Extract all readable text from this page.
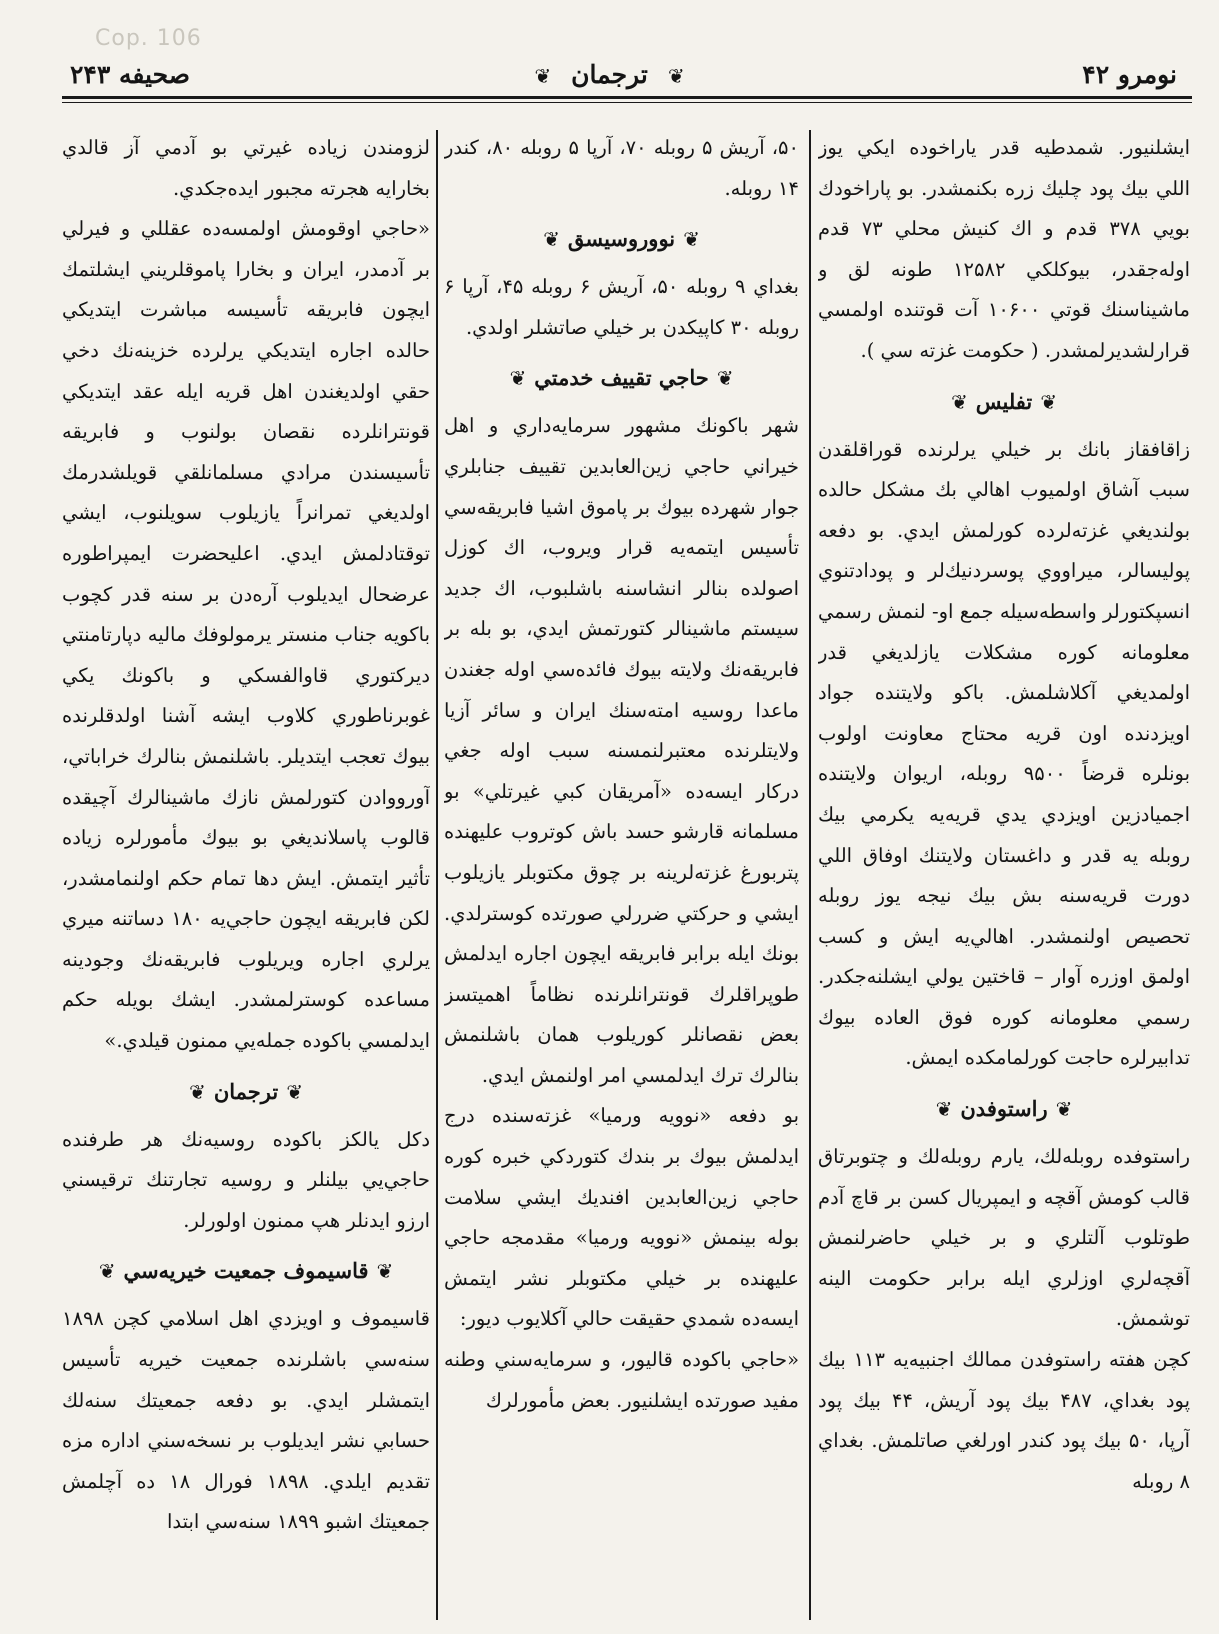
Cop. 106
صحيفه ۲۴۳	❦ترجمان❦	نومرو ۴۲

ايشلنيور. شمدطيه قدر ياراخوده ايكي يوز اللي بيك پود چليك زره بكنمشدر. بو پاراخودك بويي ۳۷۸ قدم و اك كنيش محلي ۷۳ قدم اوله‌جقدر، بيوكلكي ۱۲۵۸۲ طونه لق و ماشيناسنك قوتي ۱۰۶۰۰ آت قوتنده اولمسي قرارلشديرلمشدر. ( حكومت غزته سي ).

❦تفليس❦

زاقافقاز بانك بر خيلي يرلرنده قوراقلقدن سبب آشاق اولميوب اهالي بك مشكل حالده بولنديغي غزته‌لرده كورلمش ايدي. بو دفعه پوليسالر، ميراووي پوسردنيك‌لر و پودادتنوي انسپكتورلر واسطه‌سيله جمع او- لنمش رسمي معلومانه كوره مشكلات يازلديغي قدر اولمديغي آكلاشلمش. باكو ولايتنده جواد اويزدنده اون قريه محتاج معاونت اولوب بونلره قرضاً ۹۵۰۰ روبله، اريوان ولايتنده اجميادزين اويزدي يدي قريه‌يه يكرمي بيك روبله يه قدر و داغستان ولايتنك اوفاق اللي دورت قريه‌سنه بش بيك نيجه يوز روبله تحصيص اولنمشدر. اهالي‌يه ايش و كسب اولمق اوزره آوار – قاختين يولي ايشلنه‌جكدر. رسمي معلومانه كوره فوق العاده بيوك تدابيرلره حاجت كورلمامكده ايمش.

❦راستوفدن❦

راستوفده روبله‌لك، يارم روبله‌لك و چتوبرتاق قالب كومش آقچه و ايمپريال كسن بر قاچ آدم طوتلوب آلتلري و بر خيلي حاضرلنمش آقچه‌لري اوزلري ايله برابر حكومت الينه توشمش.

كچن هفته راستوفدن ممالك اجنبيه‌يه ۱۱۳ بيك پود بغداي، ۴۸۷ بيك پود آريش، ۴۴ بيك پود آرپا، ۵۰ بيك پود كندر اورلغي صاتلمش. بغداي ۸ روبله

۵۰، آريش ۵ روبله ۷۰، آرپا ۵ روبله ۸۰، كندر ۱۴ روبله.

❦نووروسيسق❦

بغداي ۹ روبله ۵۰، آريش ۶ روبله ۴۵، آرپا ۶ روبله ۳۰ كاپيكدن بر خيلي صاتشلر اولدي.

❦حاجي تقييف خدمتي❦

شهر باكونك مشهور سرمايه‌داري و اهل خيراني حاجي زين‌العابدين تقييف جنابلري جوار شهرده بيوك بر پاموق اشيا فابريقه‌سي تأسيس ايتمه‌يه قرار ويروب، اك كوزل اصولده بنالر انشاسنه باشلبوب، اك جديد سيستم ماشينالر كتورتمش ايدي، بو بله بر فابريقه‌نك ولايته بيوك فائده‌سي اوله جغندن ماعدا روسيه امته‌سنك ايران و سائر آزيا ولايتلرنده معتبرلنمسنه سبب اوله جغي دركار ايسه‌ده «آمريقان كبي غيرتلي» بو مسلمانه قارشو حسد باش كوتروب عليهنده پتربورغ غزته‌لرينه بر چوق مكتوبلر يازيلوب ايشي و حركتي ضررلي صورتده كوسترلدي. بونك ايله برابر فابريقه ايچون اجاره ايدلمش طوپراقلرك قونترانلرنده نظاماً اهميتسز بعض نقصانلر كوريلوب همان باشلنمش بنالرك ترك ايدلمسي امر اولنمش ايدي.

بو دفعه «نوويه ورميا» غزته‌سنده درج ايدلمش بيوك بر بندك كتوردكي خبره كوره حاجي زين‌العابدين افنديك ايشي سلامت بوله بينمش «نوويه ورميا» مقدمجه حاجي عليهنده بر خيلي مكتوبلر نشر ايتمش ايسه‌ده شمدي حقيقت حالي آكلايوب ديور:

«حاجي باكوده قاليور، و سرمايه‌سني وطنه مفيد صورتده ايشلنيور. بعض مأمورلرك

لزومندن زياده غيرتي بو آدمي آز قالدي بخارايه هجرته مجبور ايده‌جكدي.

«حاجي اوقومش اولمسه‌ده عقللي و فيرلي بر آدمدر، ايران و بخارا پاموقلريني ايشلتمك ايچون فابريقه تأسيسه مباشرت ايتديكي حالده اجاره ايتديكي يرلرده خزينه‌نك دخي حقي اولديغندن اهل قريه ايله عقد ايتديكي قونترانلرده نقصان بولنوب و فابريقه تأسيسندن مرادي مسلمانلقي قويلشدرمك اولديغي تمرانراً يازيلوب سويلنوب، ايشي توقتادلمش ايدي. اعليحضرت ايمپراطوره عرضحال ايديلوب آره‌دن بر سنه قدر كچوب باكويه جناب منستر يرمولوفك ماليه دپارتامنتي ديركتوري قاوالفسكي و باكونك يكي غوبرناطوري كلاوب ايشه آشنا اولدقلرنده بيوك تعجب ايتديلر. باشلنمش بنالرك خراباتي، آورووادن كتورلمش نازك ماشينالرك آچيقده قالوب پاسلانديغي بو بيوك مأمورلره زياده تأثير ايتمش. ايش دها تمام حكم اولنمامشدر، لكن فابريقه ايچون حاجي‌يه ۱۸۰ دساتنه ميري يرلري اجاره ويريلوب فابريقه‌نك وجودينه مساعده كوسترلمشدر. ايشك بويله حكم ايدلمسي باكوده جمله‌يي ممنون قيلدي.»

❦ترجمان❦

دكل يالكز باكوده روسيه‌نك هر طرفنده حاجي‌يي بيلنلر و روسيه تجارتنك ترقيسني ارزو ايدنلر هپ ممنون اولورلر.

❦قاسيموف جمعيت خيريه‌سي❦

قاسيموف و اويزدي اهل اسلامي كچن ۱۸۹۸ سنه‌سي باشلرنده جمعيت خيريه تأسيس ايتمشلر ايدي. بو دفعه جمعيتك سنه‌لك حسابي نشر ايديلوب بر نسخه‌سني اداره مزه تقديم ايلدي. ۱۸۹۸ فورال ۱۸ ده آچلمش جمعيتك اشبو ۱۸۹۹ سنه‌سي ابتدا
